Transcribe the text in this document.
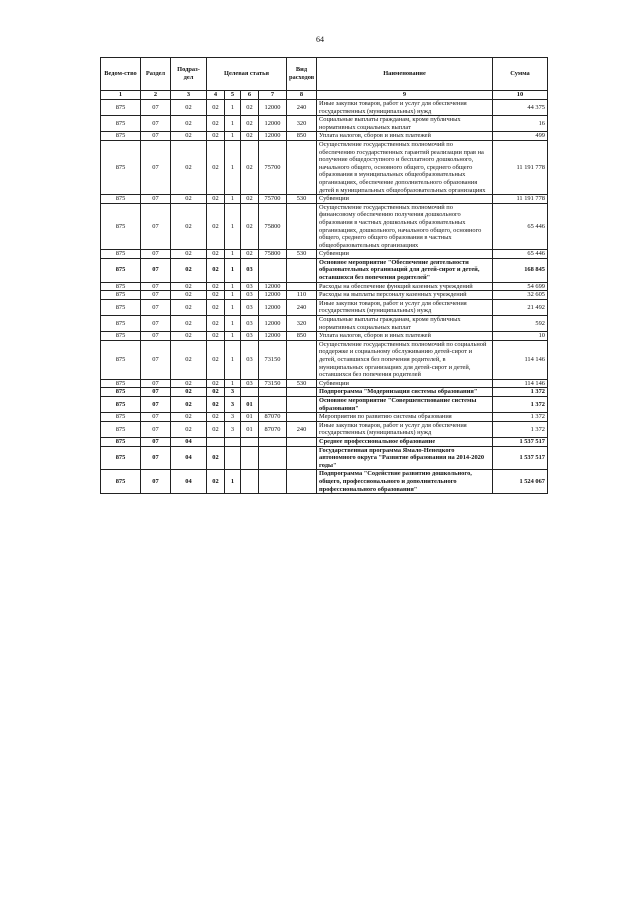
64
Ведом-ство	Раздел	Подраз-дел	Целевая статья				Вид расходов	Наименование	Сумма
1	2	3	4	5	6	7	8	9	10
875	07	02	02	1	02	12000	240	Иные закупки товаров, работ и услуг для обеспечения государственных (муниципальных) нужд	44 375
875	07	02	02	1	02	12000	320	Социальные выплаты гражданам, кроме публичных нормативных социальных выплат	16
875	07	02	02	1	02	12000	850	Уплата налогов, сборов и иных платежей	499
875	07	02	02	1	02	75700		Осуществление государственных полномочий по обеспечению государственных гарантий реализации прав на получение общедоступного и бесплатного дошкольного, начального общего, основного общего, среднего общего образования в муниципальных общеобразовательных организациях, обеспечение дополнительного образования детей в муниципальных общеобразовательных организациях	11 191 778
875	07	02	02	1	02	75700	530	Субвенции	11 191 778
875	07	02	02	1	02	75800		Осуществление государственных полномочий по финансовому обеспечению получения дошкольного образования в частных дошкольных образовательных организациях, дошкольного, начального общего, основного общего, среднего общего образования в частных общеобразовательных организациях	65 446
875	07	02	02	1	02	75800	530	Субвенции	65 446
875	07	02	02	1	03			Основное мероприятие "Обеспечение деятельности образовательных организаций для детей-сирот и детей, оставшихся без попечения родителей"	168 845
875	07	02	02	1	03	12000		Расходы на обеспечение функций казенных учреждений	54 699
875	07	02	02	1	03	12000	110	Расходы на выплаты персоналу казенных учреждений	32 605
875	07	02	02	1	03	12000	240	Иные закупки товаров, работ и услуг для обеспечения государственных (муниципальных) нужд	21 492
875	07	02	02	1	03	12000	320	Социальные выплаты гражданам, кроме публичных нормативных социальных выплат	592
875	07	02	02	1	03	12000	850	Уплата налогов, сборов и иных платежей	10
875	07	02	02	1	03	73150		Осуществление государственных полномочий по социальной поддержке и социальному обслуживанию детей-сирот и детей, оставшихся без попечения родителей, в муниципальных организациях для детей-сирот и детей, оставшихся без попечения родителей	114 146
875	07	02	02	1	03	73150	530	Субвенции	114 146
875	07	02	02	3				Подпрограмма "Модернизация системы образования"	1 372
875	07	02	02	3	01			Основное мероприятие "Совершенствование системы образования"	1 372
875	07	02	02	3	01	87070		Мероприятия по развитию системы образования	1 372
875	07	02	02	3	01	87070	240	Иные закупки товаров, работ и услуг для обеспечения государственных (муниципальных) нужд	1 372
875	07	04						Среднее профессиональное образование	1 537 517
875	07	04	02					Государственная программа Ямало-Ненецкого автономного округа "Развитие образования на 2014-2020 годы"	1 537 517
875	07	04	02	1				Подпрограмма "Содействие развитию дошкольного, общего, профессионального и дополнительного профессионального образования"	1 524 067
